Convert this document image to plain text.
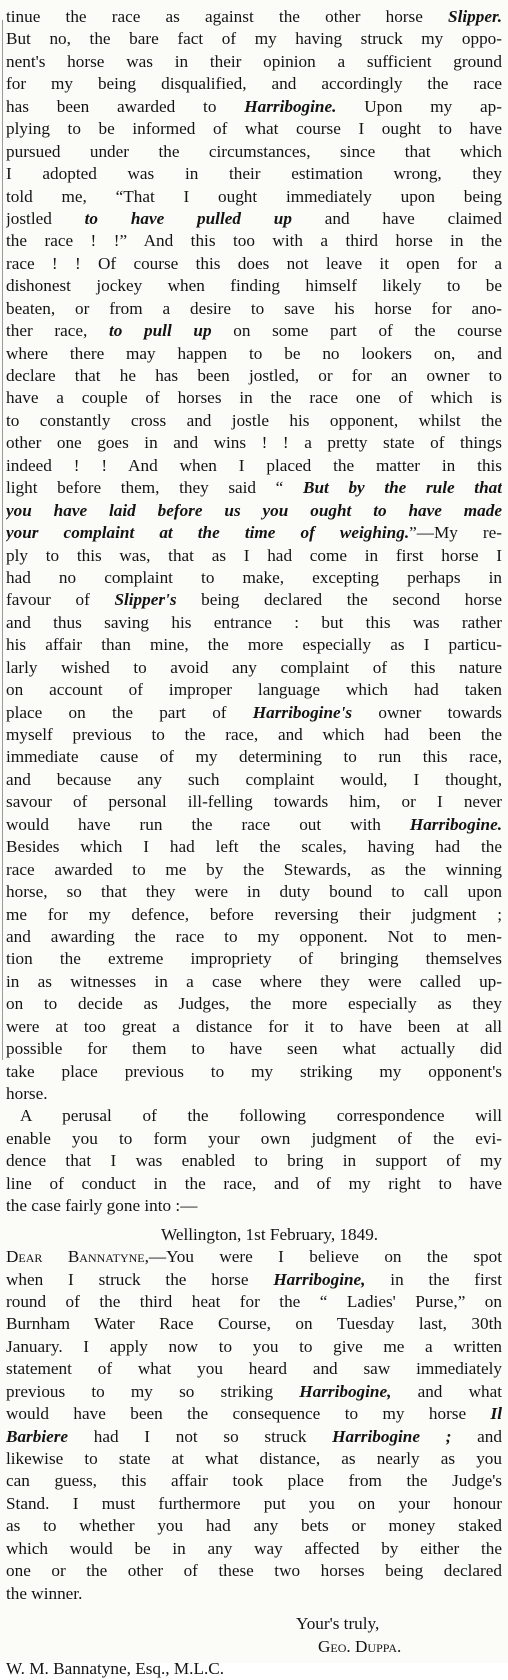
tinue the race as against the other horse Slipper.
But no, the bare fact of my having struck my oppo-
nent's horse was in their opinion a sufficient ground
for my being disqualified, and accordingly the race
has been awarded to Harribogine. Upon my ap-
plying to be informed of what course I ought to have
pursued under the circumstances, since that which
I adopted was in their estimation wrong, they
told me, “That I ought immediately upon being
jostled to have pulled up and have claimed
the race ! !” And this too with a third horse in the
race ! ! Of course this does not leave it open for a
dishonest jockey when finding himself likely to be
beaten, or from a desire to save his horse for ano-
ther race, to pull up on some part of the course
where there may happen to be no lookers on, and
declare that he has been jostled, or for an owner to
have a couple of horses in the race one of which is
to constantly cross and jostle his opponent, whilst the
other one goes in and wins ! ! a pretty state of things
indeed ! ! And when I placed the matter in this
light before them, they said “ But by the rule that
you have laid before us you ought to have made
your complaint at the time of weighing.”—My re-
ply to this was, that as I had come in first horse I
had no complaint to make, excepting perhaps in
favour of Slipper's being declared the second horse
and thus saving his entrance : but this was rather
his affair than mine, the more especially as I particu-
larly wished to avoid any complaint of this nature
on account of improper language which had taken
place on the part of Harribogine's owner towards
myself previous to the race, and which had been the
immediate cause of my determining to run this race,
and because any such complaint would, I thought,
savour of personal ill-felling towards him, or I never
would have run the race out with Harribogine.
Besides which I had left the scales, having had the
race awarded to me by the Stewards, as the winning
horse, so that they were in duty bound to call upon
me for my defence, before reversing their judgment ;
and awarding the race to my opponent. Not to men-
tion the extreme impropriety of bringing themselves
in as witnesses in a case where they were called up-
on to decide as Judges, the more especially as they
were at too great a distance for it to have been at all
possible for them to have seen what actually did
take place previous to my striking my opponent's
horse.
A perusal of the following correspondence will
enable you to form your own judgment of the evi-
dence that I was enabled to bring in support of my
line of conduct in the race, and of my right to have
the case fairly gone into :—
Wellington, 1st February, 1849.
Dear Bannatyne,—You were I believe on the spot
when I struck the horse Harribogine, in the first
round of the third heat for the “ Ladies' Purse,” on
Burnham Water Race Course, on Tuesday last, 30th
January. I apply now to you to give me a written
statement of what you heard and saw immediately
previous to my so striking Harribogine, and what
would have been the consequence to my horse Il
Barbiere had I not so struck Harribogine ; and
likewise to state at what distance, as nearly as you
can guess, this affair took place from the Judge's
Stand. I must furthermore put you on your honour
as to whether you had any bets or money staked
which would be in any way affected by either the
one or the other of these two horses being declared
the winner.
Your's truly,
Geo. Duppa.
W. M. Bannatyne, Esq., M.L.C.
